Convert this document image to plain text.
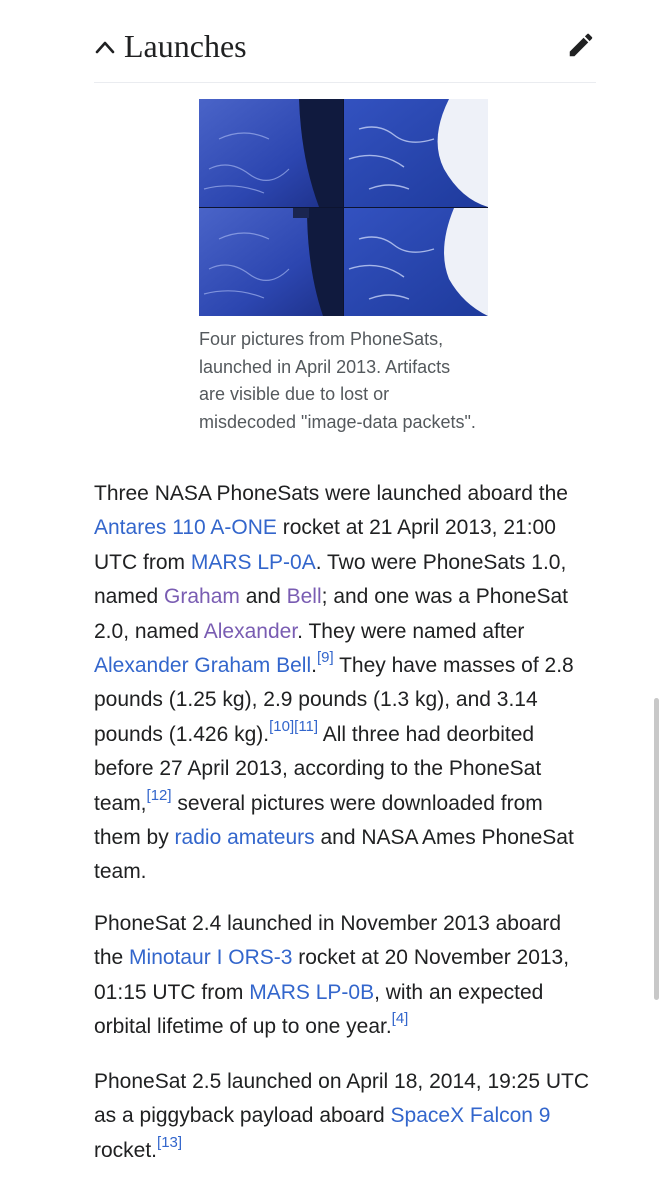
Launches
Four pictures from PhoneSats, launched in April 2013. Artifacts are visible due to lost or misdecoded "image-data packets".
Three NASA PhoneSats were launched aboard the Antares 110 A-ONE rocket at 21 April 2013, 21:00 UTC from MARS LP-0A. Two were PhoneSats 1.0, named Graham and Bell; and one was a PhoneSat 2.0, named Alexander. They were named after Alexander Graham Bell.[9] They have masses of 2.8 pounds (1.25 kg), 2.9 pounds (1.3 kg), and 3.14 pounds (1.426 kg).[10][11] All three had deorbited before 27 April 2013, according to the PhoneSat team,[12] several pictures were downloaded from them by radio amateurs and NASA Ames PhoneSat team.
PhoneSat 2.4 launched in November 2013 aboard the Minotaur I ORS-3 rocket at 20 November 2013, 01:15 UTC from MARS LP-0B, with an expected orbital lifetime of up to one year.[4]
PhoneSat 2.5 launched on April 18, 2014, 19:25 UTC as a piggyback payload aboard SpaceX Falcon 9 rocket.[13]
